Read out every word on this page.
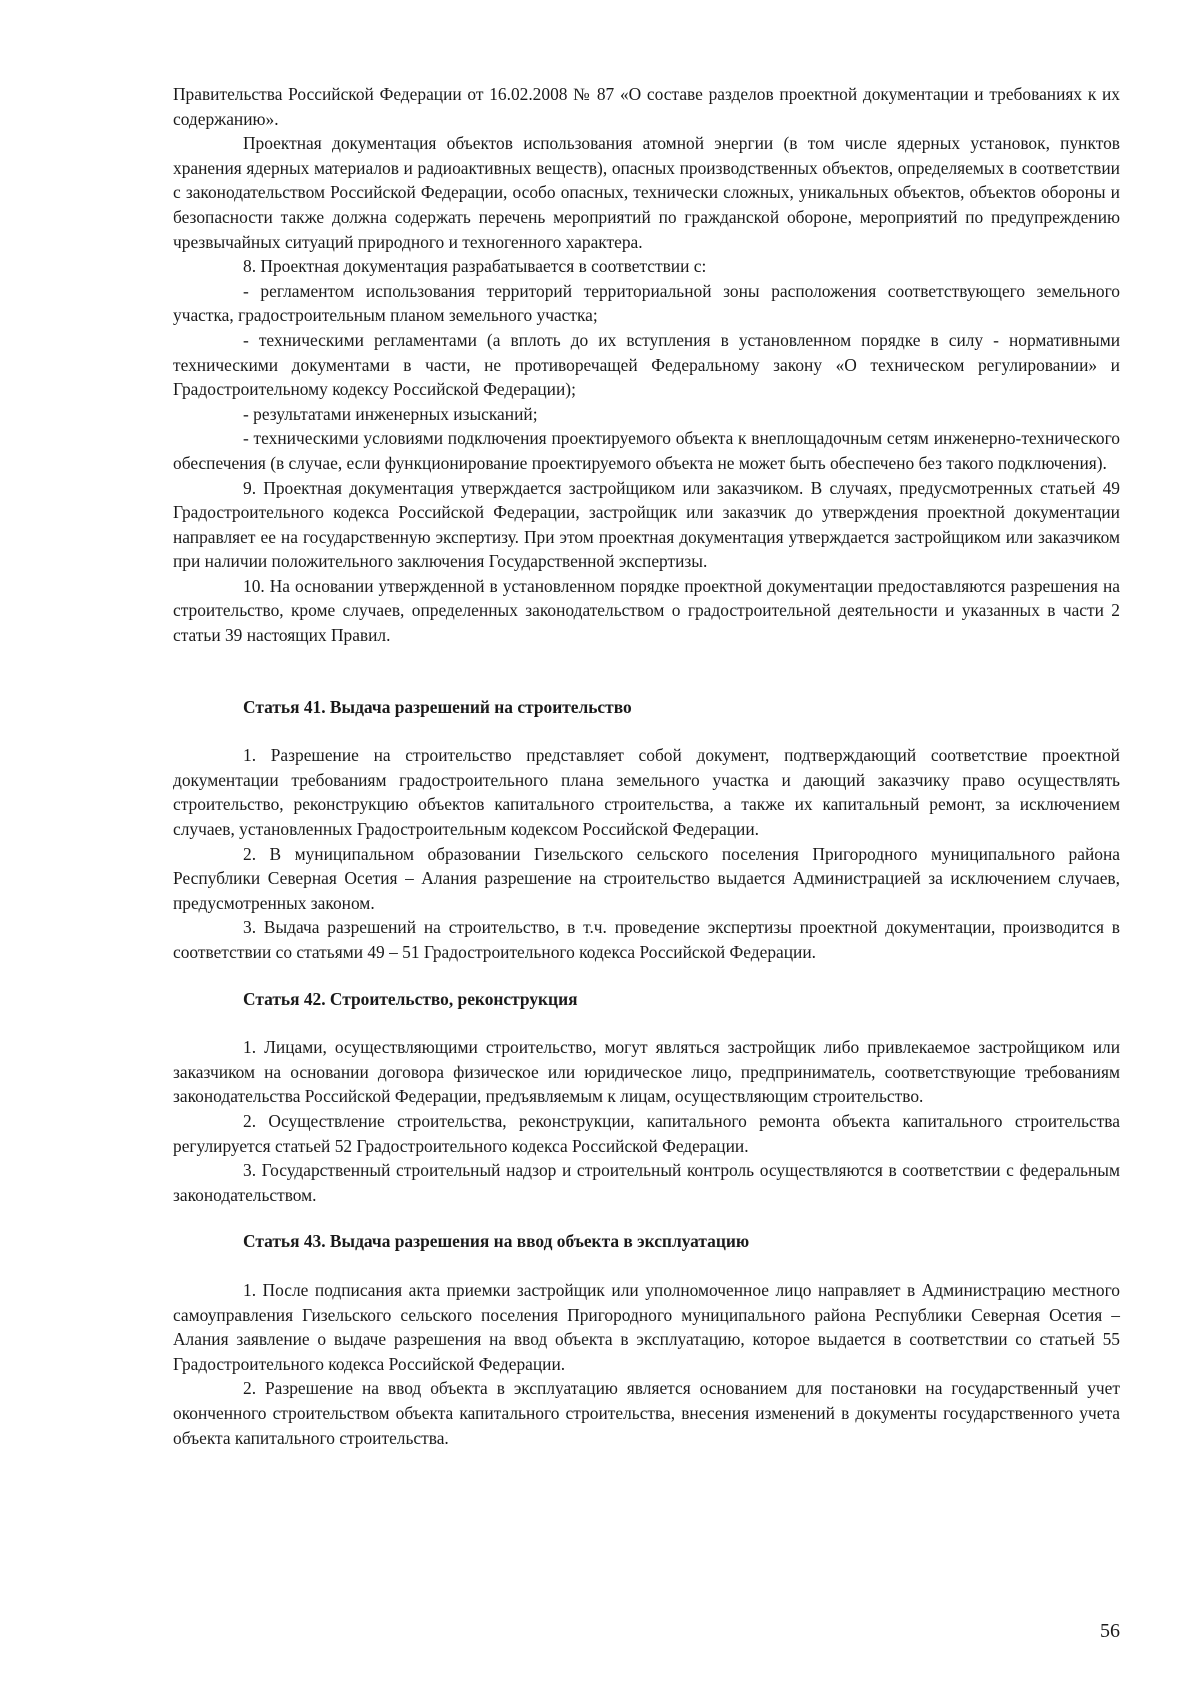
Правительства Российской Федерации от 16.02.2008 № 87 «О составе разделов проектной документации и требованиях к их содержанию».

Проектная документация объектов использования атомной энергии (в том числе ядерных установок, пунктов хранения ядерных материалов и радиоактивных веществ), опасных производственных объектов, определяемых в соответствии с законодательством Российской Федерации, особо опасных, технически сложных, уникальных объектов, объектов обороны и безопасности также должна содержать перечень мероприятий по гражданской обороне, мероприятий по предупреждению чрезвычайных ситуаций природного и техногенного характера.

8. Проектная документация разрабатывается в соответствии с:

- регламентом использования территорий территориальной зоны расположения соответствующего земельного участка, градостроительным планом земельного участка;

- техническими регламентами (а вплоть до их вступления в установленном порядке в силу - нормативными техническими документами в части, не противоречащей Федеральному закону «О техническом регулировании» и Градостроительному кодексу Российской Федерации);

- результатами инженерных изысканий;

- техническими условиями подключения проектируемого объекта к внеплощадочным сетям инженерно-технического обеспечения (в случае, если функционирование проектируемого объекта не может быть обеспечено без такого подключения).

9. Проектная документация утверждается застройщиком или заказчиком. В случаях, предусмотренных статьей 49 Градостроительного кодекса Российской Федерации, застройщик или заказчик до утверждения проектной документации направляет ее на государственную экспертизу. При этом проектная документация утверждается застройщиком или заказчиком при наличии положительного заключения Государственной экспертизы.

10. На основании утвержденной в установленном порядке проектной документации предоставляются разрешения на строительство, кроме случаев, определенных законодательством о градостроительной деятельности и указанных в части 2 статьи 39 настоящих Правил.

Статья 41. Выдача разрешений на строительство

1. Разрешение на строительство представляет собой документ, подтверждающий соответствие проектной документации требованиям градостроительного плана земельного участка и дающий заказчику право осуществлять строительство, реконструкцию объектов капитального строительства, а также их капитальный ремонт, за исключением случаев, установленных Градостроительным кодексом Российской Федерации.

2. В муниципальном образовании Гизельского сельского поселения Пригородного муниципального района Республики Северная Осетия – Алания разрешение на строительство выдается Администрацией за исключением случаев, предусмотренных законом.

3. Выдача разрешений на строительство, в т.ч. проведение экспертизы проектной документации, производится в соответствии со статьями 49 – 51 Градостроительного кодекса Российской Федерации.

Статья 42. Строительство, реконструкция

1. Лицами, осуществляющими строительство, могут являться застройщик либо привлекаемое застройщиком или заказчиком на основании договора физическое или юридическое лицо, предприниматель, соответствующие требованиям законодательства Российской Федерации, предъявляемым к лицам, осуществляющим строительство.

2. Осуществление строительства, реконструкции, капитального ремонта объекта капитального строительства регулируется статьей 52 Градостроительного кодекса Российской Федерации.

3. Государственный строительный надзор и строительный контроль осуществляются в соответствии с федеральным законодательством.

Статья 43. Выдача разрешения на ввод объекта в эксплуатацию

1. После подписания акта приемки застройщик или уполномоченное лицо направляет в Администрацию местного самоуправления Гизельского сельского поселения Пригородного муниципального района Республики Северная Осетия – Алания заявление о выдаче разрешения на ввод объекта в эксплуатацию, которое выдается в соответствии со статьей 55 Градостроительного кодекса Российской Федерации.

2. Разрешение на ввод объекта в эксплуатацию является основанием для постановки на государственный учет оконченного строительством объекта капитального строительства, внесения изменений в документы государственного учета объекта капитального строительства.

56
